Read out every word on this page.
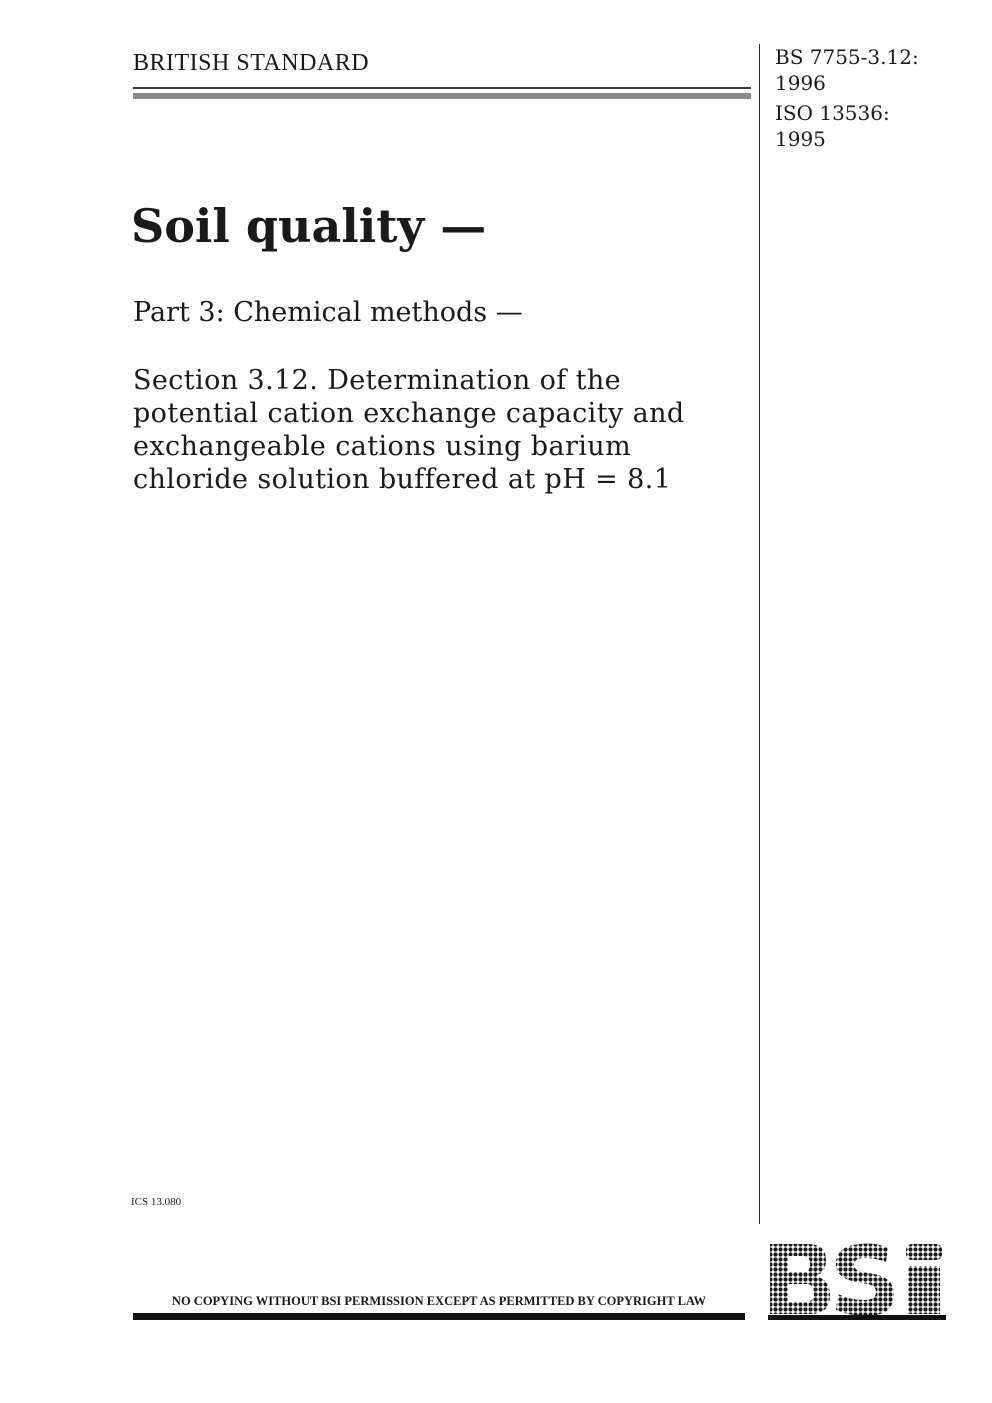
BRITISH STANDARD	BS 7755-3.12:
1996
ISO 13536:
1995
Soil quality —
Part 3: Chemical methods —
Section 3.12. Determination of the
potential cation exchange capacity and
exchangeable cations using barium
chloride solution buffered at pH = 8.1
ICS 13.080
NO COPYING WITHOUT BSI PERMISSION EXCEPT AS PERMITTED BY COPYRIGHT LAW
